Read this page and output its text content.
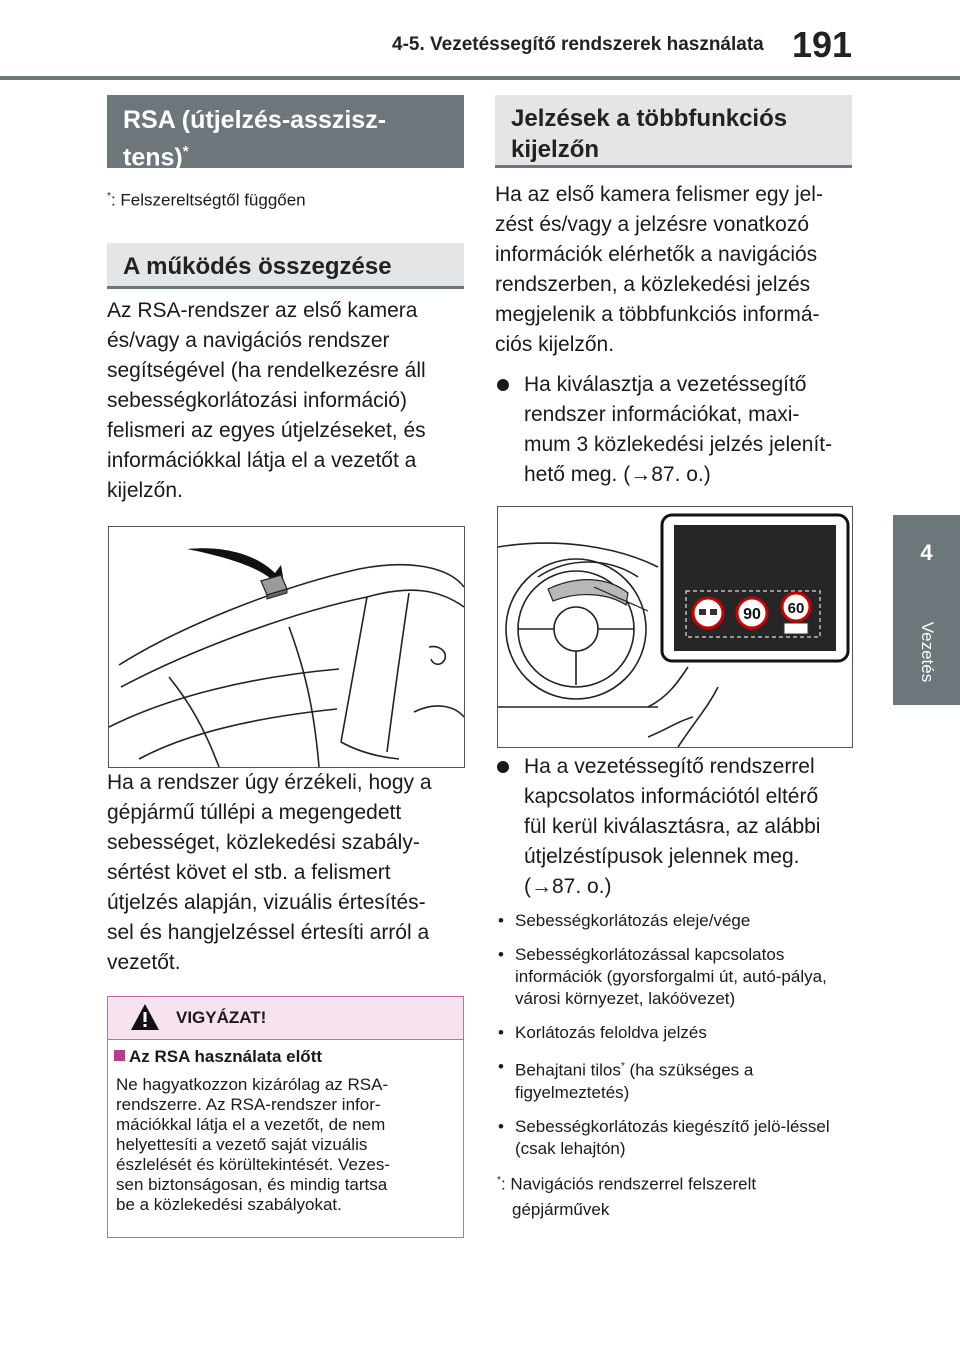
4-5. Vezetéssegítő rendszerek használata 191
4
Vezetés
RSA (útjelzés-asszisz-
tens)*
*: Felszereltségtől függően
A működés összegzése
Az RSA-rendszer az első kamera
és/vagy a navigációs rendszer
segítségével (ha rendelkezésre áll
sebességkorlátozási információ)
felismeri az egyes útjelzéseket, és
információkkal látja el a vezetőt a
kijelzőn.
Ha a rendszer úgy érzékeli, hogy a
gépjármű túllépi a megengedett
sebességet, közlekedési szabály-
sértést követ el stb. a felismert
útjelzés alapján, vizuális értesítés-
sel és hangjelzéssel értesíti arról a
vezetőt.
VIGYÁZAT!
Az RSA használata előtt
Ne hagyatkozzon kizárólag az RSA-
rendszerre. Az RSA-rendszer infor-
mációkkal látja el a vezetőt, de nem
helyettesíti a vezető saját vizuális
észlelését és körültekintését. Vezes-
sen biztonságosan, és mindig tartsa
be a közlekedési szabályokat.
Jelzések a többfunkciós
kijelzőn
Ha az első kamera felismer egy jel-
zést és/vagy a jelzésre vonatkozó
információk elérhetők a navigációs
rendszerben, a közlekedési jelzés
megjelenik a többfunkciós informá-
ciós kijelzőn.
Ha kiválasztja a vezetéssegítő
rendszer információkat, maxi-
mum 3 közlekedési jelzés jelenít-
hető meg. (→87. o.)
90 60
Ha a vezetéssegítő rendszerrel
kapcsolatos információtól eltérő
fül kerül kiválasztásra, az alábbi
útjelzéstípusok jelennek meg.
(→87. o.)
• Sebességkorlátozás eleje/vége
• Sebességkorlátozással kapcsolatos információk (gyorsforgalmi út, autó-pálya, városi környezet, lakóövezet)
• Korlátozás feloldva jelzés
• Behajtani tilos* (ha szükséges a figyelmeztetés)
• Sebességkorlátozás kiegészítő jelö-léssel (csak lehajtón)
*: Navigációs rendszerrel felszerelt
gépjárművek
